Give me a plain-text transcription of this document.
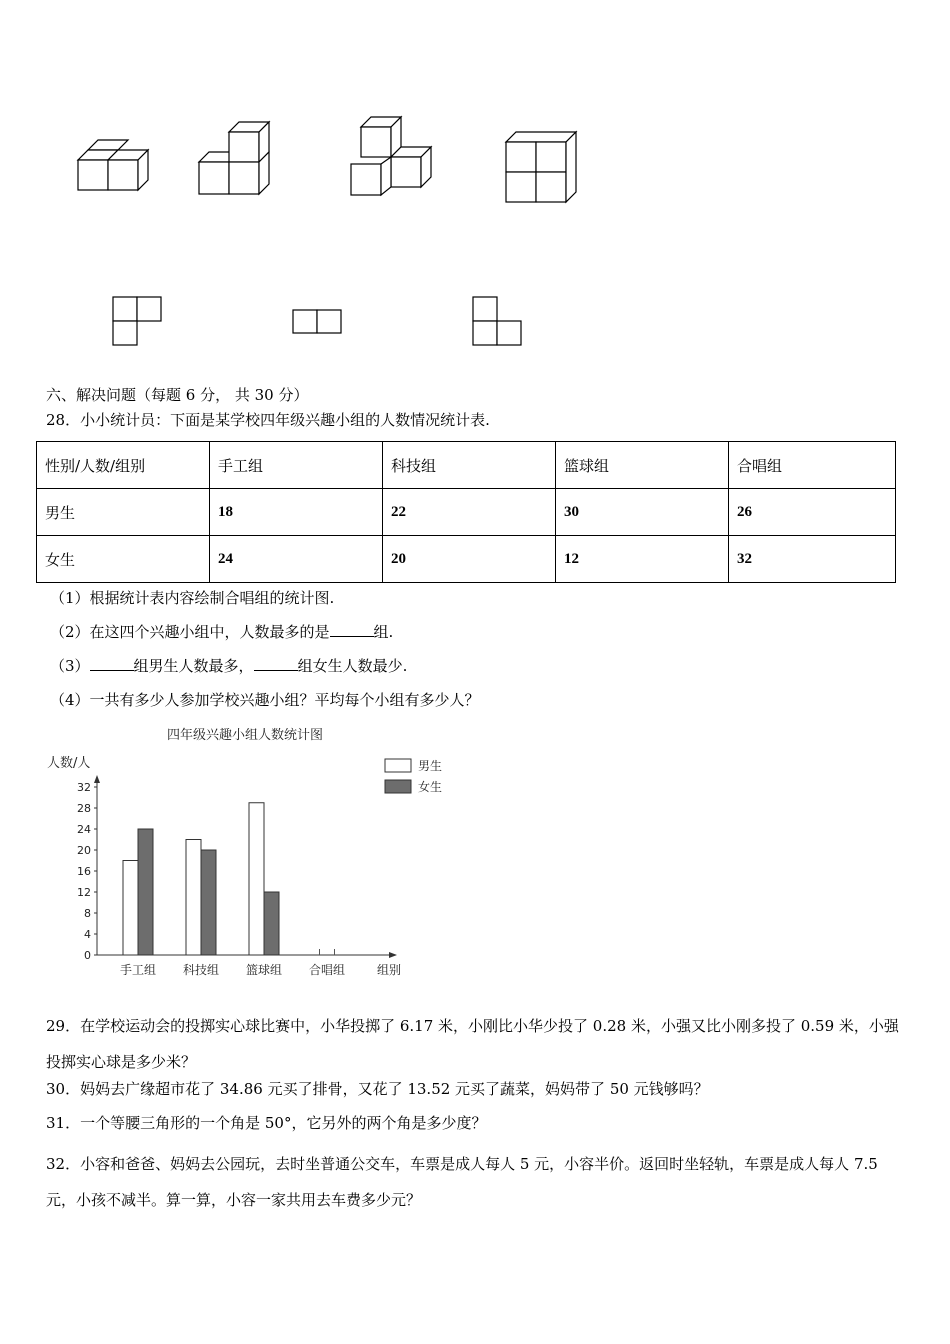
六、解决问题（每题 6 分， 共 30 分）
28．小小统计员：下面是某学校四年级兴趣小组的人数情况统计表.
性别/人数/组别	手工组	科技组	篮球组	合唱组
男生	18	22	30	26
女生	24	20	12	32
（1）根据统计表内容绘制合唱组的统计图.
（2）在这四个兴趣小组中，人数最多的是	组.
（3）	组男生人数最多，	组女生人数最少.
（4）一共有多少人参加学校兴趣小组？平均每个小组有多少人？
四年级兴趣小组人数统计图
人数/人	男生
女生
0
4
8
12
16
20
24
28
32
手工组 科技组 篮球组 合唱组	组别
29．在学校运动会的投掷实心球比赛中，小华投掷了 6.17 米，小刚比小华少投了 0.28 米，小强又比小刚多投了 0.59 米，小强投掷实心球是多少米？
30．妈妈去广缘超市花了 34.86 元买了排骨，又花了 13.52 元买了蔬菜，妈妈带了 50 元钱够吗？
31．一个等腰三角形的一个角是 50°，它另外的两个角是多少度？
32．小容和爸爸、妈妈去公园玩，去时坐普通公交车，车票是成人每人 5 元，小容半价。返回时坐轻轨，车票是成人每人 7.5 元，小孩不减半。算一算，小容一家共用去车费多少元？
